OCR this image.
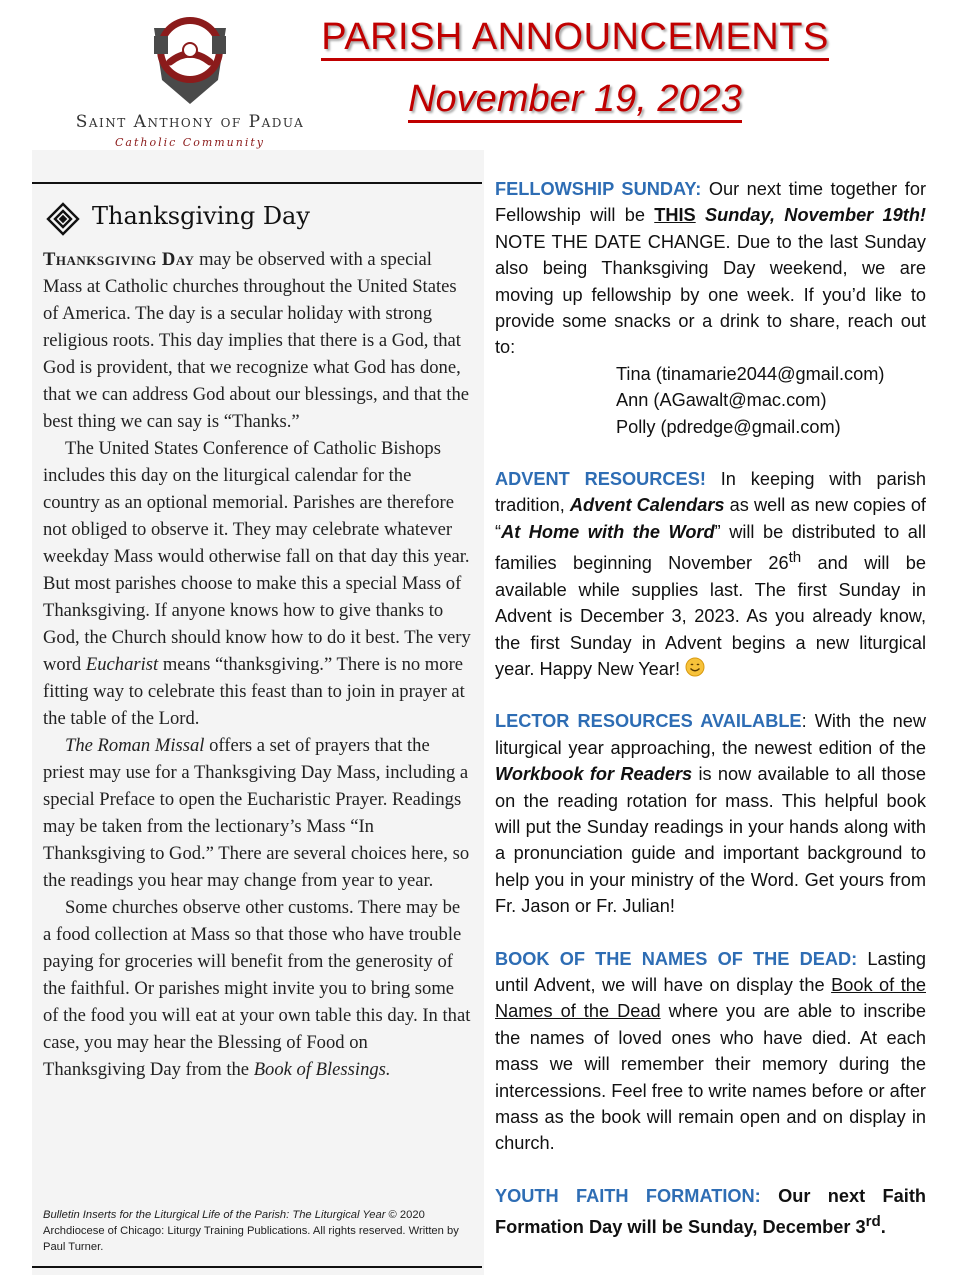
Saint Anthony of Padua
Catholic Community
PARISH ANNOUNCEMENTS
November 19, 2023
Thanksgiving Day

Thanksgiving Day may be observed with a special Mass at Catholic churches throughout the United States of America. The day is a secular holiday with strong religious roots. This day implies that there is a God, that God is provident, that we recognize what God has done, that we can address God about our blessings, and that the best thing we can say is “Thanks.”

The United States Conference of Catholic Bishops includes this day on the liturgical calendar for the country as an optional memorial. Parishes are therefore not obliged to observe it. They may celebrate whatever weekday Mass would otherwise fall on that day this year. But most parishes choose to make this a special Mass of Thanksgiving. If anyone knows how to give thanks to God, the Church should know how to do it best. The very word Eucharist means “thanksgiving.” There is no more fitting way to celebrate this feast than to join in prayer at the table of the Lord.

The Roman Missal offers a set of prayers that the priest may use for a Thanksgiving Day Mass, including a special Preface to open the Eucharistic Prayer. Readings may be taken from the lectionary’s Mass “In Thanksgiving to God.” There are several choices here, so the readings you hear may change from year to year.

Some churches observe other customs. There may be a food collection at Mass so that those who have trouble paying for groceries will benefit from the generosity of the faithful. Or parishes might invite you to bring some of the food you will eat at your own table this day. In that case, you may hear the Blessing of Food on Thanksgiving Day from the Book of Blessings.

Bulletin Inserts for the Liturgical Life of the Parish: The Liturgical Year © 2020 Archdiocese of Chicago: Liturgy Training Publications. All rights reserved. Written by Paul Turner.
FELLOWSHIP SUNDAY: Our next time together for Fellowship will be THIS Sunday, November 19th! NOTE THE DATE CHANGE. Due to the last Sunday also being Thanksgiving Day weekend, we are moving up fellowship by one week. If you’d like to provide some snacks or a drink to share, reach out to:
Tina (tinamarie2044@gmail.com)
Ann (AGawalt@mac.com)
Polly (pdredge@gmail.com)
ADVENT RESOURCES! In keeping with parish tradition, Advent Calendars as well as new copies of “At Home with the Word” will be distributed to all families beginning November 26th and will be available while supplies last. The first Sunday in Advent is December 3, 2023. As you already know, the first Sunday in Advent begins a new liturgical year. Happy New Year!
LECTOR RESOURCES AVAILABLE: With the new liturgical year approaching, the newest edition of the Workbook for Readers is now available to all those on the reading rotation for mass. This helpful book will put the Sunday readings in your hands along with a pronunciation guide and important background to help you in your ministry of the Word. Get yours from Fr. Jason or Fr. Julian!
BOOK OF THE NAMES OF THE DEAD: Lasting until Advent, we will have on display the Book of the Names of the Dead where you are able to inscribe the names of loved ones who have died. At each mass we will remember their memory during the intercessions. Feel free to write names before or after mass as the book will remain open and on display in church.
YOUTH FAITH FORMATION: Our next Faith Formation Day will be Sunday, December 3rd.
